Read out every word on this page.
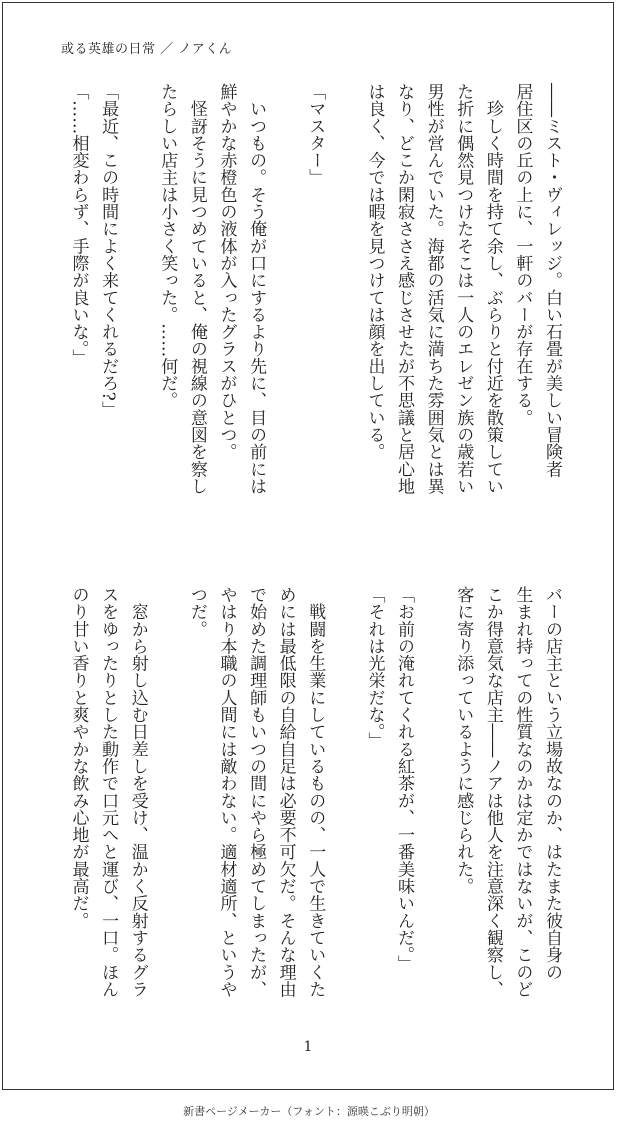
或る英雄の日常 ／ ノアくん

――ミスト・ヴィレッジ。白い石畳が美しい冒険者

居住区の丘の上に、一軒のバーが存在する。

　珍しく時間を持て余し、ぶらりと付近を散策してい

た折に偶然見つけたそこは一人のエレゼン族の歳若い

男性が営んでいた。海都の活気に満ちた雰囲気とは異

なり、どこか閑寂ささえ感じさせたが不思議と居心地

は良く、今では暇を見つけては顔を出している。

「マスター」

　いつもの。そう俺が口にするより先に、目の前には

鮮やかな赤橙色の液体が入ったグラスがひとつ。

　怪訝そうに見つめていると、俺の視線の意図を察し

たらしい店主は小さく笑った。……何だ。

「最近、この時間によく来てくれるだろ?」

「……相変わらず、手際が良いな。」

バーの店主という立場故なのか、はたまた彼自身の

生まれ持っての性質なのかは定かではないが、このど

こか得意気な店主――ノアは他人を注意深く観察し、

客に寄り添っているように感じられた。

「お前の淹れてくれる紅茶が、一番美味いんだ。」

「それは光栄だな。」

　戦闘を生業にしているものの、一人で生きていくた

めには最低限の自給自足は必要不可欠だ。そんな理由

で始めた調理師もいつの間にやら極めてしまったが、

やはり本職の人間には敵わない。適材適所、というや

つだ。

　窓から射し込む日差しを受け、温かく反射するグラ

スをゆったりとした動作で口元へと運び、一口。ほん

のり甘い香りと爽やかな飲み心地が最高だ。

1
新書ページメーカー（フォント：源暎こぶり明朝）
